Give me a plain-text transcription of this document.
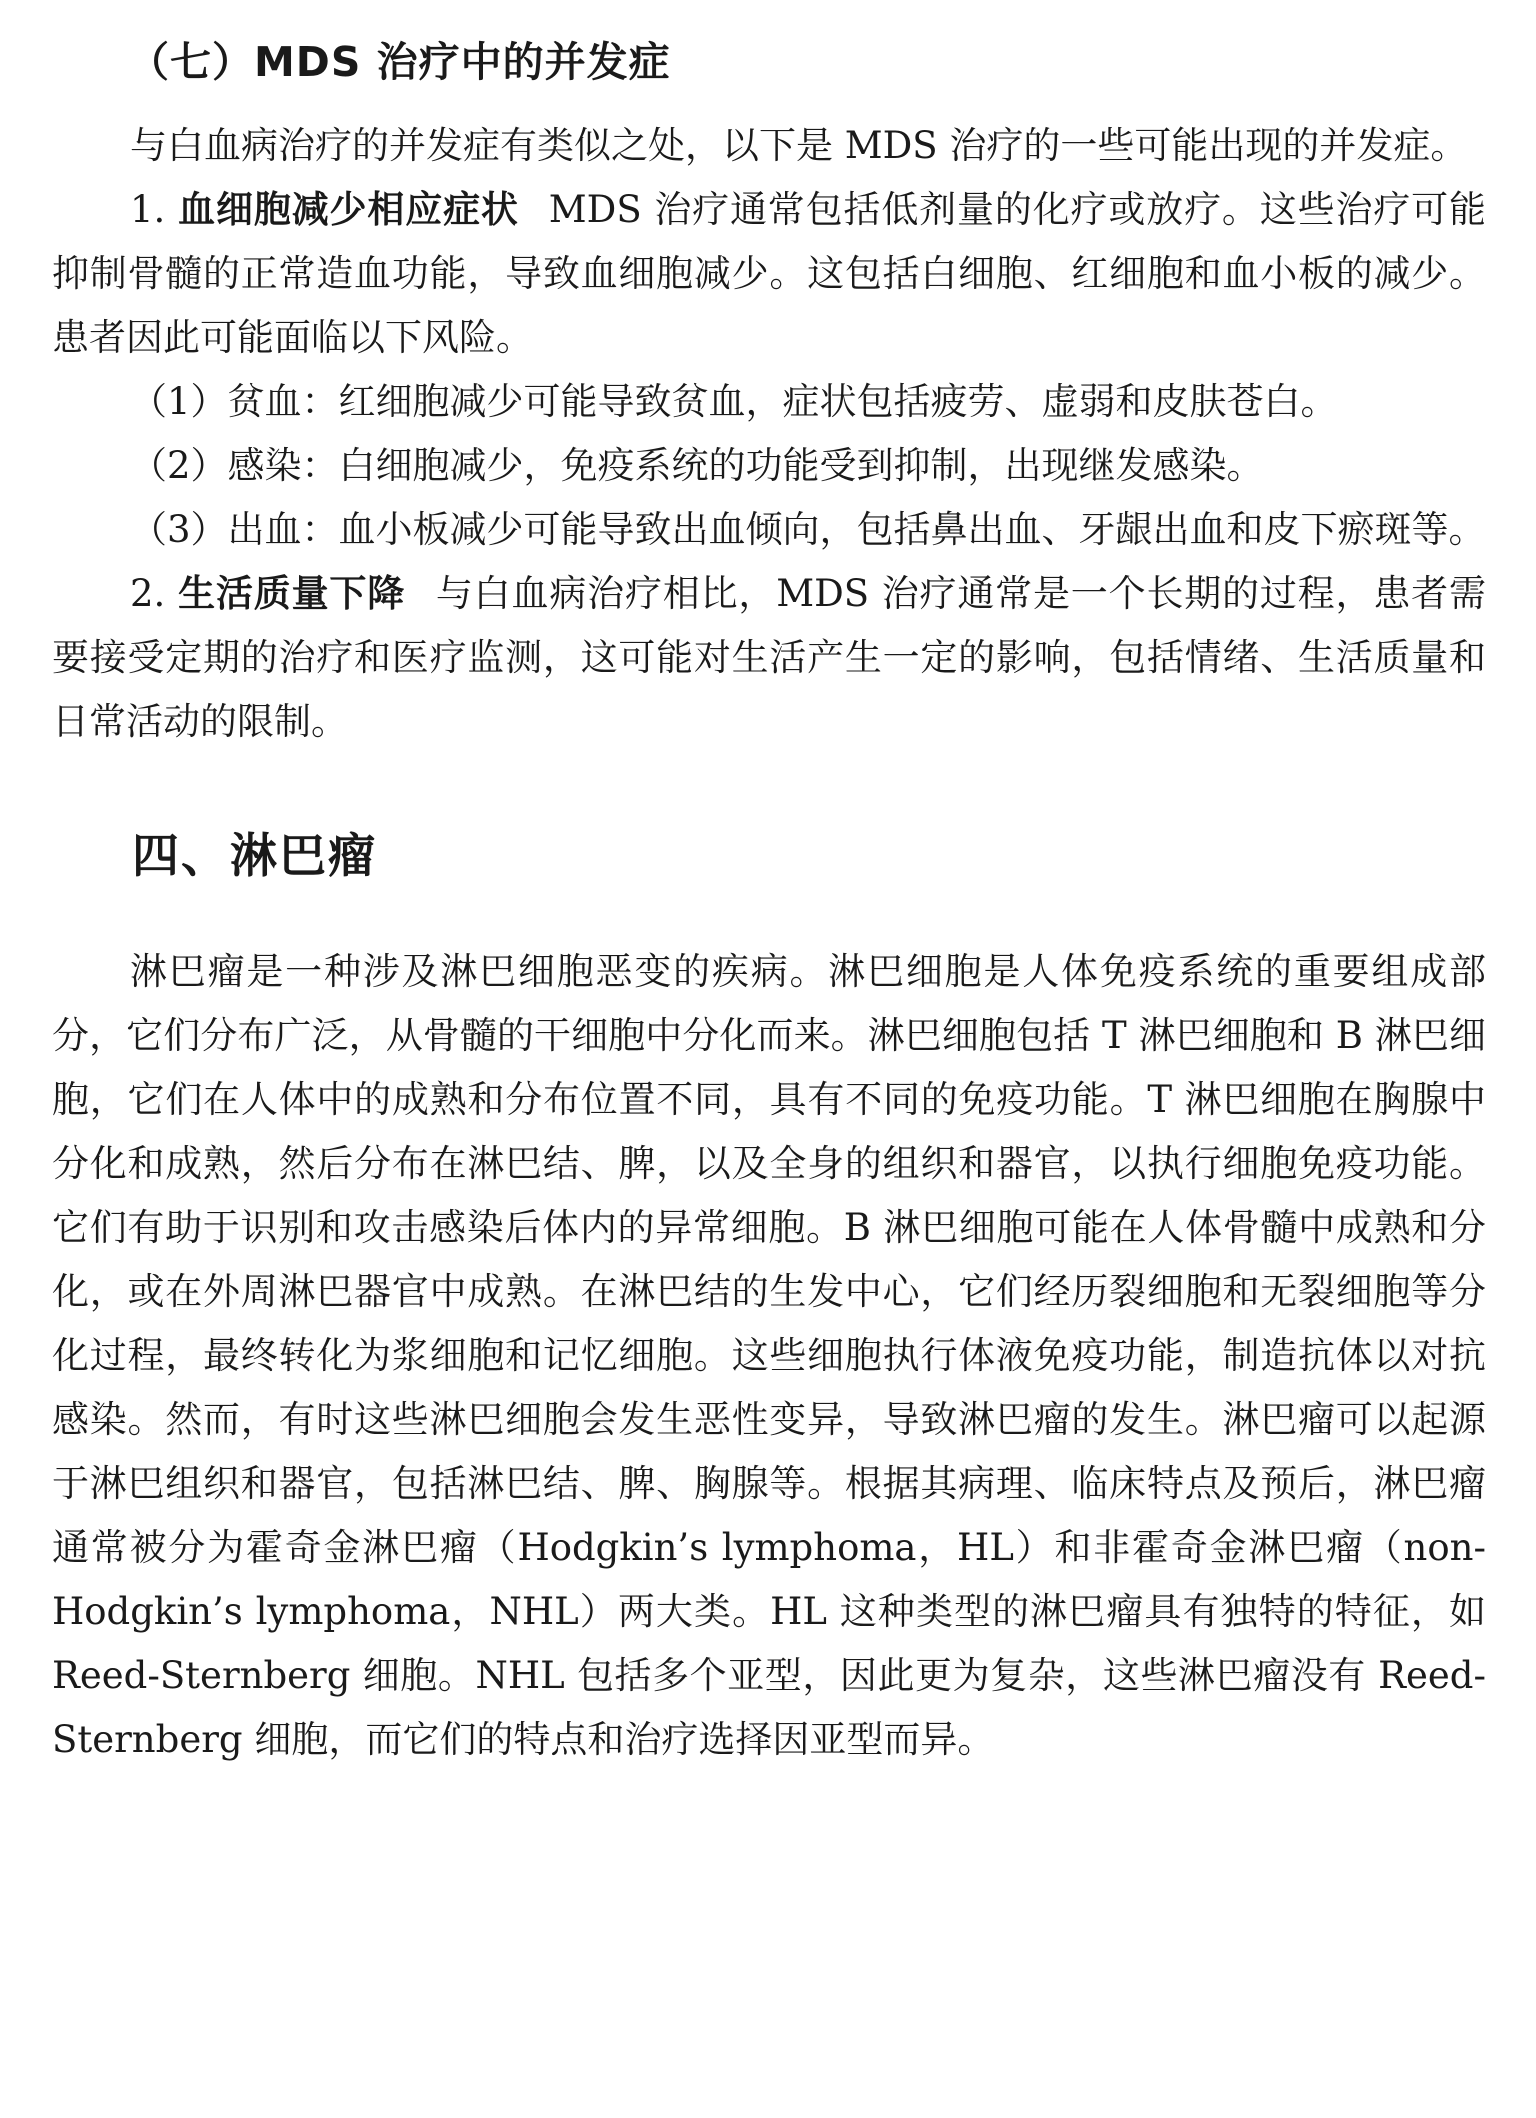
（七）MDS 治疗中的并发症

与白血病治疗的并发症有类似之处，以下是 MDS 治疗的一些可能出现的并发症。

1. 血细胞减少相应症状 MDS 治疗通常包括低剂量的化疗或放疗。这些治疗可能抑制骨髓的正常造血功能，导致血细胞减少。这包括白细胞、红细胞和血小板的减少。患者因此可能面临以下风险。

（1）贫血：红细胞减少可能导致贫血，症状包括疲劳、虚弱和皮肤苍白。

（2）感染：白细胞减少，免疫系统的功能受到抑制，出现继发感染。

（3）出血：血小板减少可能导致出血倾向，包括鼻出血、牙龈出血和皮下瘀斑等。

2. 生活质量下降 与白血病治疗相比，MDS 治疗通常是一个长期的过程，患者需要接受定期的治疗和医疗监测，这可能对生活产生一定的影响，包括情绪、生活质量和日常活动的限制。

四、淋巴瘤

淋巴瘤是一种涉及淋巴细胞恶变的疾病。淋巴细胞是人体免疫系统的重要组成部分，它们分布广泛，从骨髓的干细胞中分化而来。淋巴细胞包括 T 淋巴细胞和 B 淋巴细胞，它们在人体中的成熟和分布位置不同，具有不同的免疫功能。T 淋巴细胞在胸腺中分化和成熟，然后分布在淋巴结、脾，以及全身的组织和器官，以执行细胞免疫功能。它们有助于识别和攻击感染后体内的异常细胞。B 淋巴细胞可能在人体骨髓中成熟和分化，或在外周淋巴器官中成熟。在淋巴结的生发中心，它们经历裂细胞和无裂细胞等分化过程，最终转化为浆细胞和记忆细胞。这些细胞执行体液免疫功能，制造抗体以对抗感染。然而，有时这些淋巴细胞会发生恶性变异，导致淋巴瘤的发生。淋巴瘤可以起源于淋巴组织和器官，包括淋巴结、脾、胸腺等。根据其病理、临床特点及预后，淋巴瘤通常被分为霍奇金淋巴瘤（Hodgkin’s lymphoma，HL）和非霍奇金淋巴瘤（non-Hodgkin’s lymphoma，NHL）两大类。HL 这种类型的淋巴瘤具有独特的特征，如 Reed-Sternberg 细胞。NHL 包括多个亚型，因此更为复杂，这些淋巴瘤没有 Reed-Sternberg 细胞，而它们的特点和治疗选择因亚型而异。
